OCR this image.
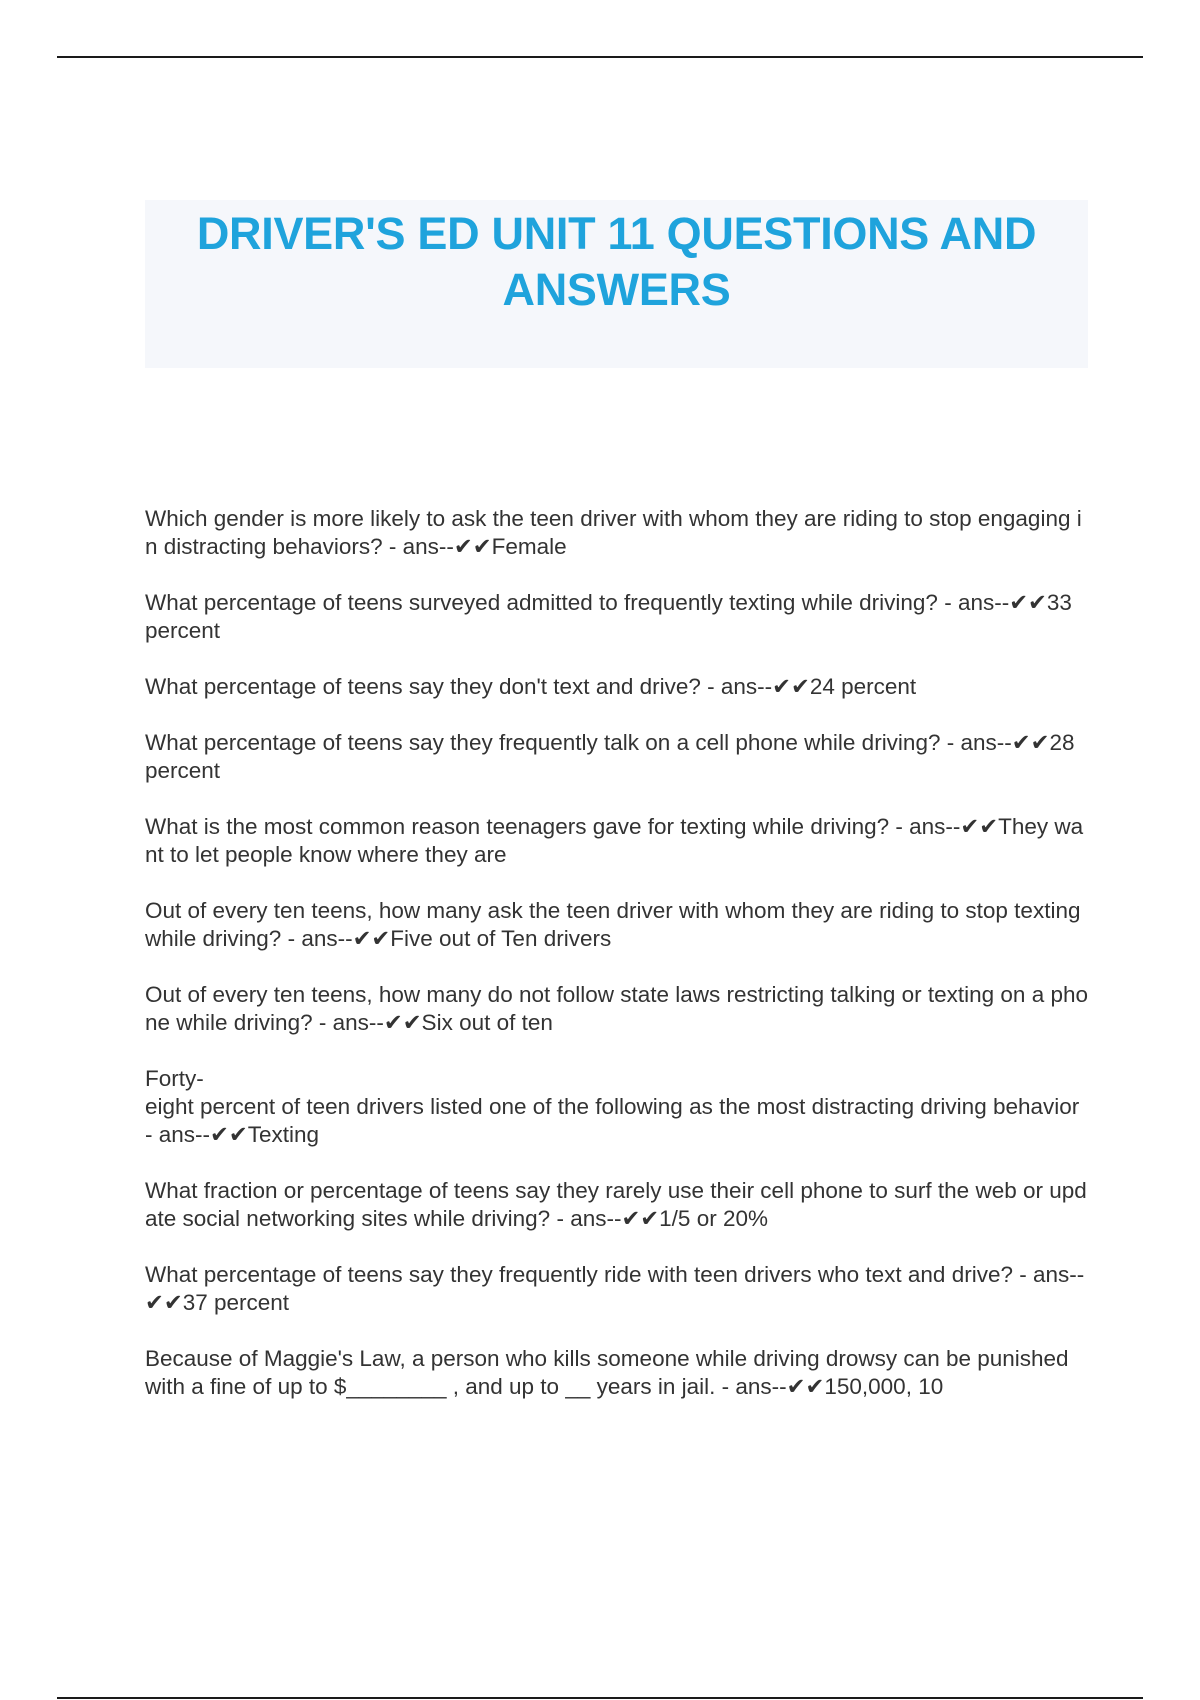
DRIVER'S ED UNIT 11 QUESTIONS AND ANSWERS
Which gender is more likely to ask the teen driver with whom they are riding to stop engaging in distracting behaviors? - ans--✔✔Female
What percentage of teens surveyed admitted to frequently texting while driving? - ans--✔✔33 percent
What percentage of teens say they don't text and drive? - ans--✔✔24 percent
What percentage of teens say they frequently talk on a cell phone while driving? - ans--✔✔28 percent
What is the most common reason teenagers gave for texting while driving? - ans--✔✔They want to let people know where they are
Out of every ten teens, how many ask the teen driver with whom they are riding to stop texting while driving? - ans--✔✔Five out of Ten drivers
Out of every ten teens, how many do not follow state laws restricting talking or texting on a phone while driving? - ans--✔✔Six out of ten
Forty-
eight percent of teen drivers listed one of the following as the most distracting driving behavior - ans--✔✔Texting
What fraction or percentage of teens say they rarely use their cell phone to surf the web or update social networking sites while driving? - ans--✔✔1/5 or 20%
What percentage of teens say they frequently ride with teen drivers who text and drive? - ans--✔✔37 percent
Because of Maggie's Law, a person who kills someone while driving drowsy can be punished with a fine of up to $________ , and up to __ years in jail. - ans--✔✔150,000, 10
